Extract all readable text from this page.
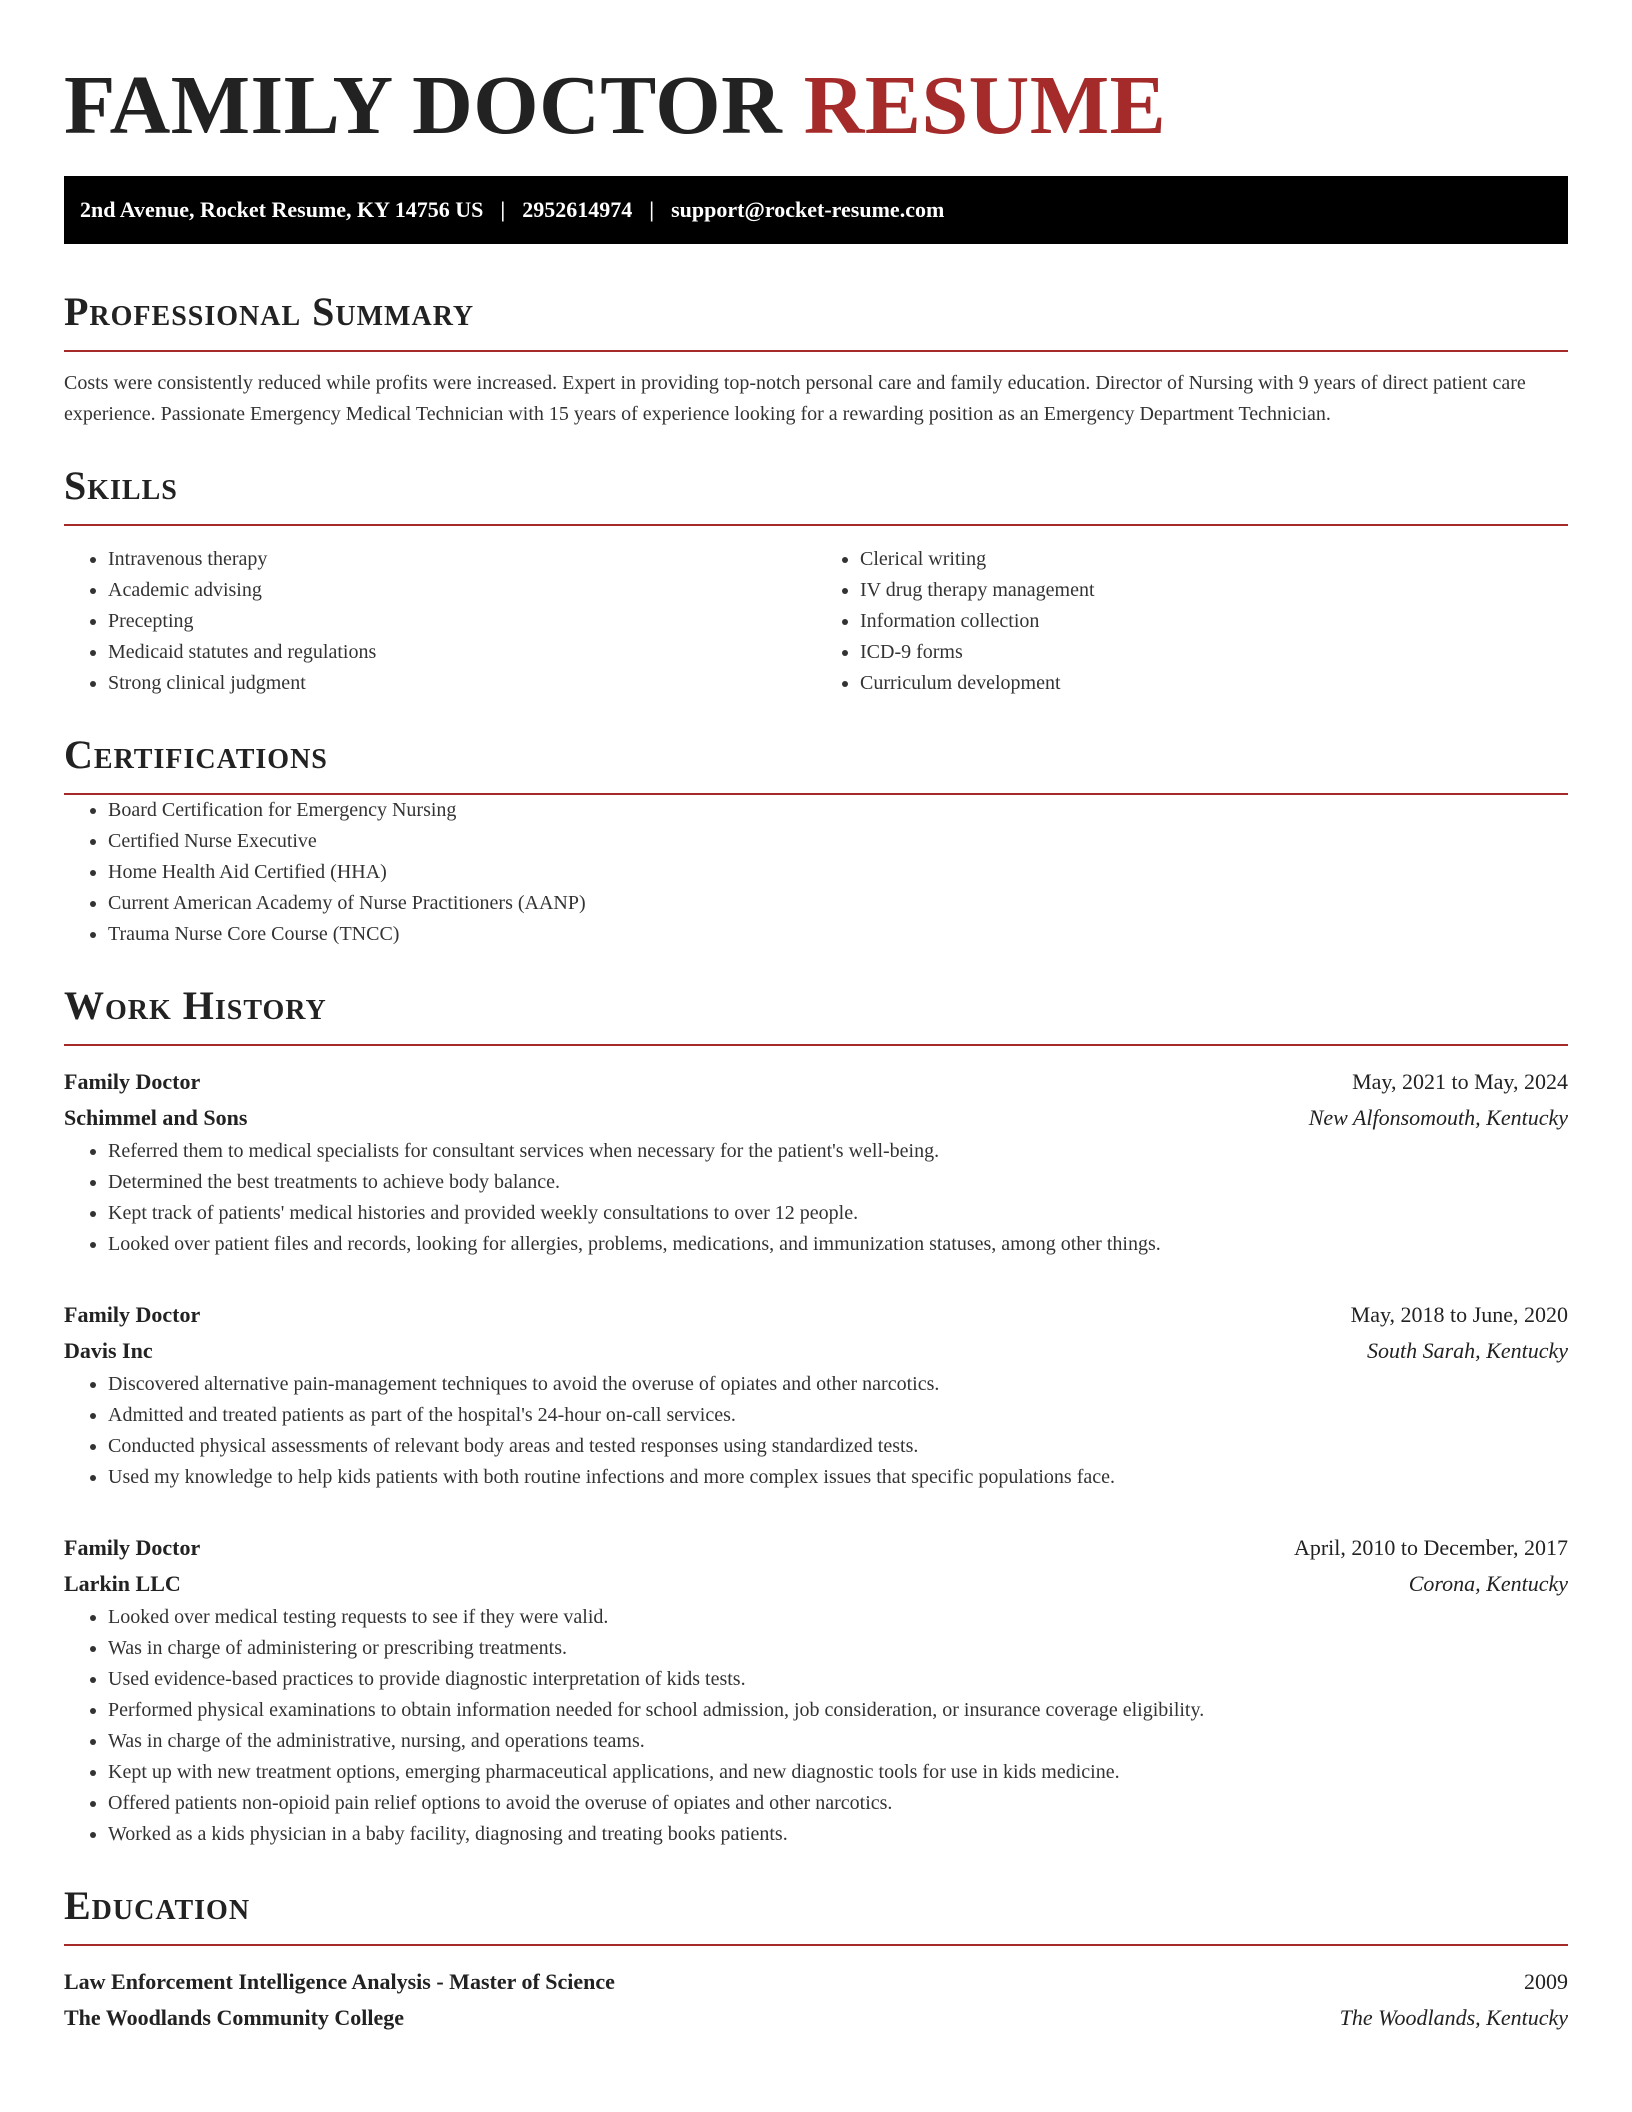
FAMILY DOCTOR RESUME
2nd Avenue, Rocket Resume, KY 14756 US | 2952614974 | support@rocket-resume.com
Professional Summary

Costs were consistently reduced while profits were increased. Expert in providing top-notch personal care and family education. Director of Nursing with 9 years of direct patient care experience. Passionate Emergency Medical Technician with 15 years of experience looking for a rewarding position as an Emergency Department Technician.

Skills
• Intravenous therapy
• Academic advising
• Precepting
• Medicaid statutes and regulations
• Strong clinical judgment
• Clerical writing
• IV drug therapy management
• Information collection
• ICD-9 forms
• Curriculum development
Certifications
• Board Certification for Emergency Nursing
• Certified Nurse Executive
• Home Health Aid Certified (HHA)
• Current American Academy of Nurse Practitioners (AANP)
• Trauma Nurse Core Course (TNCC)
Work History
Family Doctor	May, 2021 to May, 2024
Schimmel and Sons	New Alfonsomouth, Kentucky
• Referred them to medical specialists for consultant services when necessary for the patient's well-being.
• Determined the best treatments to achieve body balance.
• Kept track of patients' medical histories and provided weekly consultations to over 12 people.
• Looked over patient files and records, looking for allergies, problems, medications, and immunization statuses, among other things.
Family Doctor	May, 2018 to June, 2020
Davis Inc	South Sarah, Kentucky
• Discovered alternative pain-management techniques to avoid the overuse of opiates and other narcotics.
• Admitted and treated patients as part of the hospital's 24-hour on-call services.
• Conducted physical assessments of relevant body areas and tested responses using standardized tests.
• Used my knowledge to help kids patients with both routine infections and more complex issues that specific populations face.
Family Doctor	April, 2010 to December, 2017
Larkin LLC	Corona, Kentucky
• Looked over medical testing requests to see if they were valid.
• Was in charge of administering or prescribing treatments.
• Used evidence-based practices to provide diagnostic interpretation of kids tests.
• Performed physical examinations to obtain information needed for school admission, job consideration, or insurance coverage eligibility.
• Was in charge of the administrative, nursing, and operations teams.
• Kept up with new treatment options, emerging pharmaceutical applications, and new diagnostic tools for use in kids medicine.
• Offered patients non-opioid pain relief options to avoid the overuse of opiates and other narcotics.
• Worked as a kids physician in a baby facility, diagnosing and treating books patients.
Education
Law Enforcement Intelligence Analysis - Master of Science	2009
The Woodlands Community College	The Woodlands, Kentucky
